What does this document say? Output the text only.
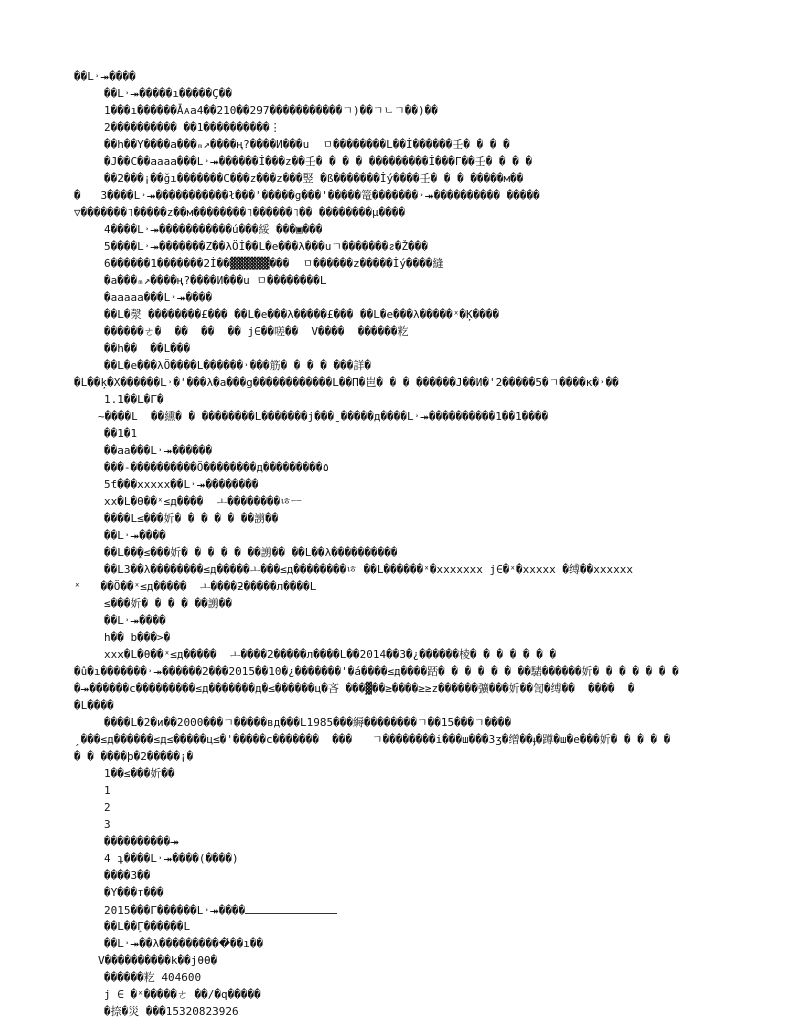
��L˒⯮����
��L˒⯮�����ı�����Ç��
1���ı������Ǡᴀa4��210��297�����������ㄱ)��ㄱㄴㄱ��)��
2���������� ��1����������⋮
��h��Y����a���ₘ↗����ң?����И���u  ㅁ��������L��İ������壬� � � �
�J��C��aaaa���L˒⯮������İ���z��壬� � � � ���������İ���Γ��壬� � � �
��2���¡��ğı�������C���z���z���竪 �ß�������İý����壬� � � �����м��
�   3����L˒⯮�����������ł���'�����g���'�����篭�������˒⯮���������� �����
▽�������˥�����z��м��������˥������˥�� ��������µ����
4����L˒⯮�����������ú���綏 ���▣���
5����L˒⯮�������Z��λÖİ��L�e���λ���uㄱ�������ᴤ�Ž���
6������1�������2İ��▓▓▓▓▓▓���  ㅁ������z�����İý����縫
�a���ₘ↗����ң?����И���u ㅁ��������L
�aaaaa���L˒⯮����
��L�漀 ��������£��� ��L�e���λ�����£��� ��L�e���λ�����ˣ�Ķ����
������ㄜ�  ��  ��  �� j∈��嗟��  V����  ������籺
��h��  ��L���
��L�e���λÖ����L������˒���筋� � � � ���詳�
�L��ķ�X������L˒�'���λ�a���g������������L��Π�岜� � � ������J��И�'2�����5�ㄱ����к�˒��
1.1��L�Γ�
̴����L  ��纁� � ��������L�������j���ˍ�����д����L˒⯮����������1��1����
��1�1
��aa���L˒⯮������
���-����������Ö��������д���������٥
5ƭ���xxxxx��L˒⯮��������
xx�L�θ��ˣ≤д����  ㅗ��������ㄶㅡ
����L≤���妡� � � � � ��謭��
��L˒⯮����
��L��֑�≤���妡� � � � � ��謭�� ��L��λ����������
��LЗ��λ��������≤д�����ㅗ���≤д��������ㄶ ��L������ˣ�xxxxxxx j∈�ˣ�xxxxx �缚��xxxxxx
ˣ   ��Ö��ˣ≤д�����  ㅗ����ƻ�����л����L
≤���妡� � � � ��謭��
��L˒⯮����
h�� b���>�
xxx�L�θ��ˣ≤д�����  ㅗ����2�����л����L��2014��3�¿������棱� � � � � � �
�û�ı�������˒⯮������2���2015��10�¿�������'�á����≤д����踎� � � � � � ��騞������妡� � � � � � �
�⯮������с���������≤д�������д�≤������ц�吝 ���▓��≥����≥≥z������彍���妡��訇�缚��  ����  �
�L����
����L�2�и��2000���ㄱ�����вд���L1985���縟��������ㄱ��15���ㄱ����
ˏ���≤д������≤д≤�����ц≤�'�����с�������  ���   ㄱ��������і���ш���3ʒ�缯��ֈ�蹲�ш�e���妡� � � � �
� � ����þ�2�����¡�
1��≤���妡��
1
2
3
����������⯮
4 ʇ����L˒⯮����(����)
����3��
�Y���т���
2015���Γ������L˒⯮����
��L��֑Γ������L
��L˒⯮��λ����������҅��ı��
V����������k��jθθ�
������籺 404600
j ∈ �ˣ�����ㄜ ��/�q�����
�捺�災 ���15320823926
